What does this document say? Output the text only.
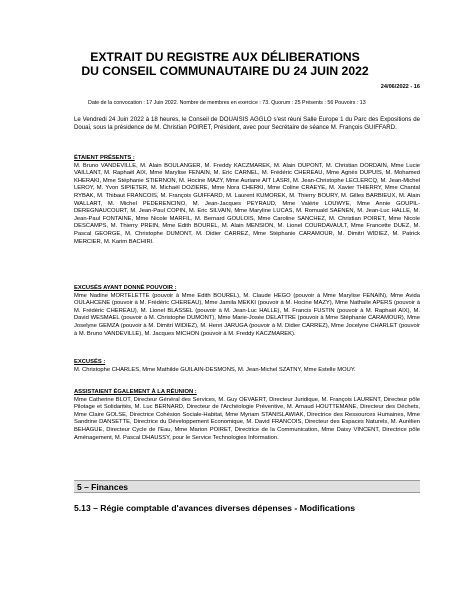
EXTRAIT DU REGISTRE AUX DÉLIBERATIONS
DU CONSEIL COMMUNAUTAIRE DU 24 JUIN 2022
24/06/2022 - 16
Date de la convocation : 17 Juin 2022. Nombre de membres en exercice : 73. Quorum : 25 Présents : 56 Pouvoirs : 13
Le Vendredi 24 Juin 2022 à 18 heures, le Conseil de DOUAISIS AGGLO s'est réuni Salle Europe 1 du Parc des Expositions de Douai, sous la présidence de M. Christian POIRET, Président, avec pour Secrétaire de séance M. François GUIFFARD.
ÉTAIENT PRÉSENTS :
M. Bruno VANDEVILLE, M. Alain BOULANGER, M. Freddy KACZMAREK, M. Alain DUPONT, M. Christian DORDAIN, Mme Lucie VAILLANT, M. Raphaël AIX, Mme Marylise FENAIN, M. Eric CARNEL, M. Frédéric CHEREAU, Mme Agnès DUPUIS, M. Mohamed KHERAKI, Mme Stéphanie STIERNON, M. Hocine MAZY, Mme Auriane AIT LASRI, M. Jean-Christophe LECLERCQ, M. Jean-Michel LEROY, M. Yvon SIPIETER, M. Michaël DOZIERE, Mme Nora CHERKI, Mme Coline CRAEYE, M. Xavier THIERRY, Mme Chantal RYBAK, M. Thibaut FRANCOIS, M. François GUIFFARD, M. Laurent KUMOREK, M. Thierry BOURY, M. Gilles BARBIEUX, M. Alain WALLART, M. Michel PEDERENCINO, M. Jean-Jacques PEYRAUD, Mme Valérie LOUWYE, Mme Annie GOUPIL-DEREGNAUCOURT, M. Jean-Paul COPIN, M. Eric SILVAIN, Mme Maryline LUCAS, M. Romuald SAENEN, M. Jean-Luc HALLE, M. Jean-Paul FONTAINE, Mme Nicole MARFIL, M. Bernard GOULOIS, Mme Caroline SANCHEZ, M. Christian POIRET, Mme Nicole DESCAMPS, M. Thierry PREIN, Mme Edith BOUREL, M. Alain MENSION, M. Lionel COURDAVAULT, Mme Francette DUEZ, M. Pascal GEORGE, M. Christophe DUMONT, M. Didier CARREZ, Mme Stéphanie CARAMOUR, M. Dimitri WIDIEZ, M. Patrick MERCIER, M. Karim BACHIRI.
EXCUSÉS AYANT DONNÉ POUVOIR :
Mme Nadine MORTELETTE (pouvoir à Mme Edith BOUREL), M. Claude HEGO (pouvoir à Mme Marylise FENAIN), Mme Avida OULAHCENE (pouvoir à M. Frédéric CHEREAU), Mme Jamila MEKKI (pouvoir à M. Hocine MAZY), Mme Nathalie APERS (pouvoir à M. Frédéric CHEREAU), M. Lionel BLASSEL (pouvoir à M. Jean-Luc HALLE), M. Francis FUSTIN (pouvoir à M. Raphaël AIX), M. David WESMAEL (pouvoir à M. Christophe DUMONT), Mme Marie-Josée DELATTRE (pouvoir à Mme Stéphanie CARAMOUR), Mme Joselyne GEMZA (pouvoir à M. Dimitri WIDIEZ), M. Henri JARUGA (pouvoir à M. Didier CARREZ), Mme Jocelyne CHARLET (pouvoir à M. Bruno VANDEVILLE), M. Jacques MICHON (pouvoir à M. Freddy KACZMAREK).
EXCUSÉS :
M. Christophe CHARLES, Mme Mathilde GUILAIN-DESMONS, M. Jean-Michel SZATNY, Mme Estelle MOUY.
ASSISTAIENT ÉGALEMENT À LA RÉUNION :
Mme Catherine BLOT, Directeur Général des Services, M. Guy OEVAERT, Directeur Juridique, M. François LAURENT, Directeur pôle Pilotage et Solidarités, M. Luc BERNARD, Directeur de l'Archéologie Préventive, M. Arnaud HOUTTEMANE, Directeur des Déchets, Mme Claire GOLSE, Directrice Cohésion Sociale-Habitat, Mme Myriam STANISLAWIAK, Directrice des Ressources Humaines, Mme Sandrine DANSETTE, Directrice du Développement Economique, M. David FRANCOIS, Directeur des Espaces Naturels, M. Aurélien BEHAGUE, Directeur Cycle de l'Eau, Mme Marion POIRET, Directrice de la Communication, Mme Daisy VINCENT, Directrice pôle Aménagement, M. Pascal DHAUSSY, pour le Service Technologies Information.
5 – Finances
5.13 – Régie comptable d'avances diverses dépenses - Modifications
